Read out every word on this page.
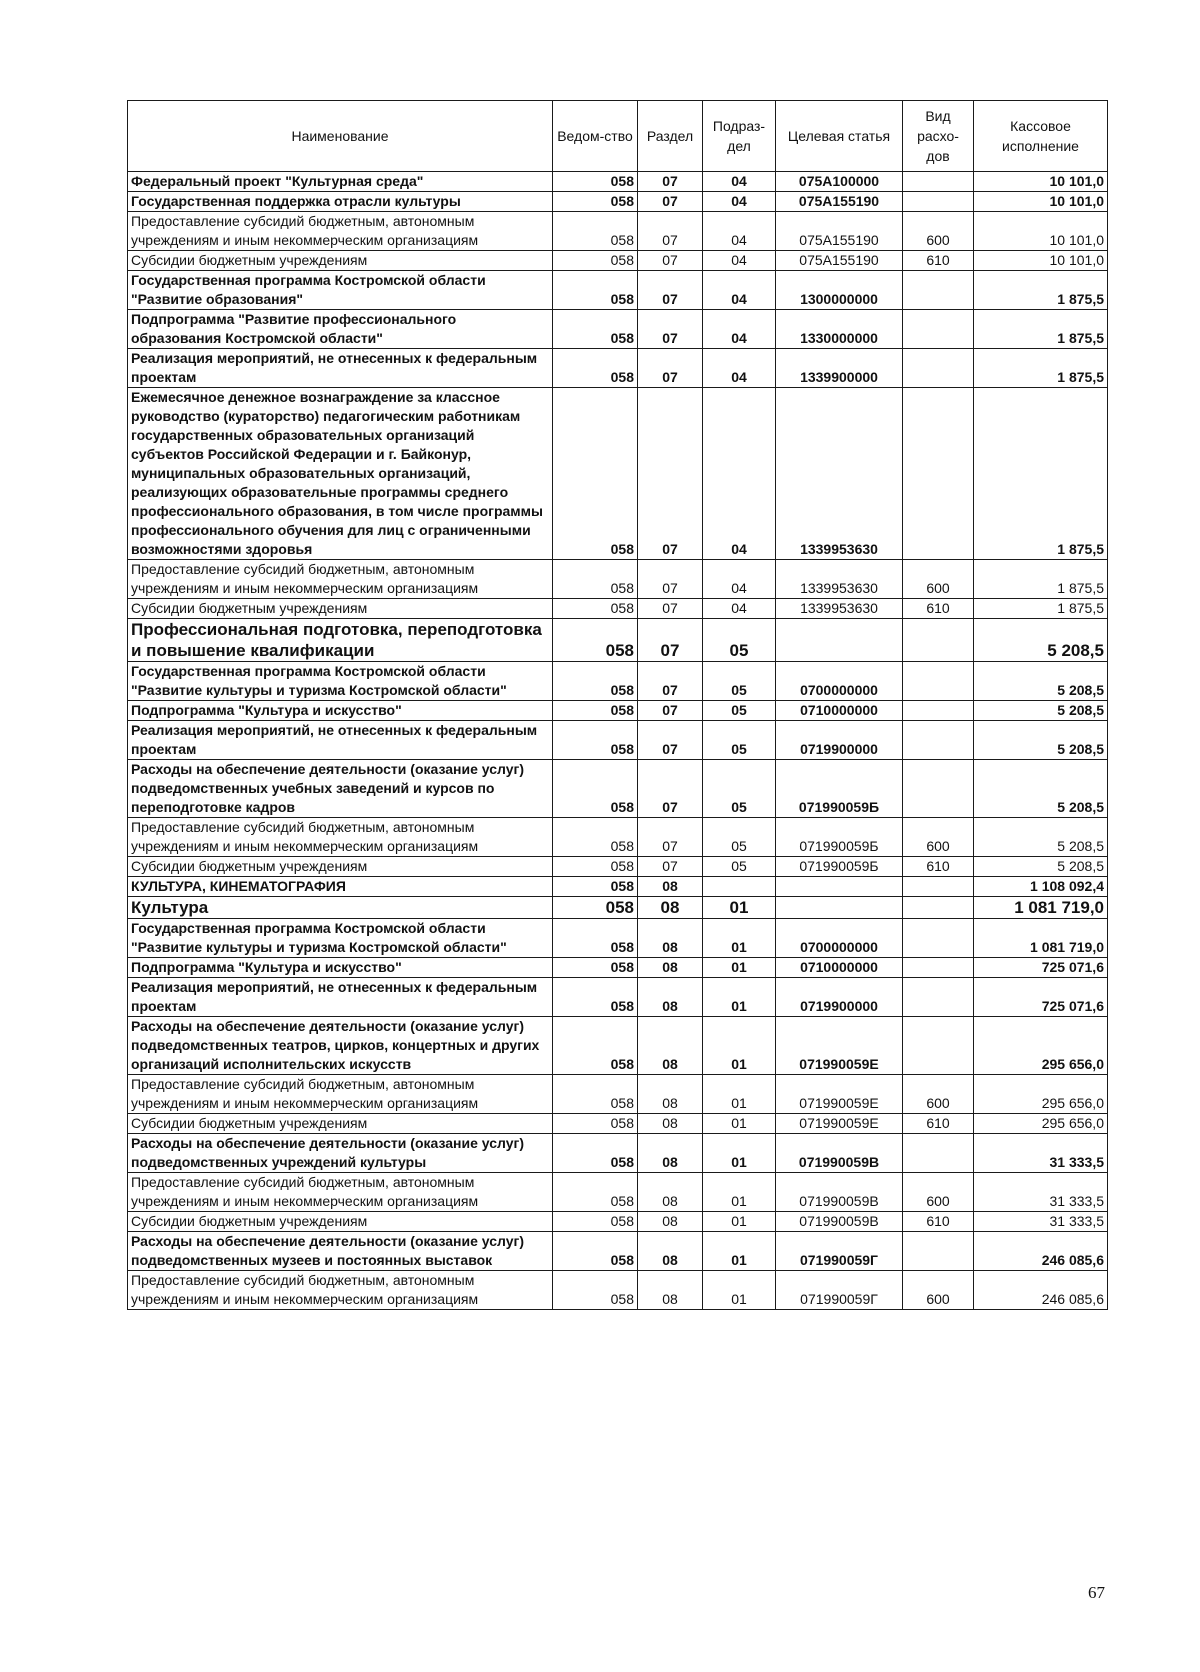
Наименование	Ведом-ство	Раздел	Подраз-дел	Целевая статья	Вид расхо-дов	Кассовое исполнение
Федеральный проект "Культурная среда"	058	07	04	075А100000		10 101,0
Государственная поддержка отрасли культуры	058	07	04	075А155190		10 101,0
Предоставление субсидий бюджетным, автономным учреждениям и иным некоммерческим организациям	058	07	04	075А155190	600	10 101,0
Субсидии бюджетным учреждениям	058	07	04	075А155190	610	10 101,0
Государственная программа Костромской области "Развитие образования"	058	07	04	1300000000		1 875,5
Подпрограмма "Развитие профессионального образования Костромской области"	058	07	04	1330000000		1 875,5
Реализация мероприятий, не отнесенных к федеральным проектам	058	07	04	1339900000		1 875,5
Ежемесячное денежное вознаграждение за классное руководство (кураторство) педагогическим работникам государственных образовательных организаций субъектов Российской Федерации и г. Байконур, муниципальных образовательных организаций, реализующих образовательные программы среднего профессионального образования, в том числе программы профессионального обучения для лиц с ограниченными возможностями здоровья	058	07	04	1339953630		1 875,5
Предоставление субсидий бюджетным, автономным учреждениям и иным некоммерческим организациям	058	07	04	1339953630	600	1 875,5
Субсидии бюджетным учреждениям	058	07	04	1339953630	610	1 875,5
Профессиональная подготовка, переподготовка и повышение квалификации	058	07	05			5 208,5
Государственная программа Костромской области "Развитие культуры и туризма Костромской области"	058	07	05	0700000000		5 208,5
Подпрограмма "Культура и искусство"	058	07	05	0710000000		5 208,5
Реализация мероприятий, не отнесенных к федеральным проектам	058	07	05	0719900000		5 208,5
Расходы на обеспечение деятельности (оказание услуг) подведомственных учебных заведений и курсов по переподготовке кадров	058	07	05	071990059Б		5 208,5
Предоставление субсидий бюджетным, автономным учреждениям и иным некоммерческим организациям	058	07	05	071990059Б	600	5 208,5
Субсидии бюджетным учреждениям	058	07	05	071990059Б	610	5 208,5
КУЛЬТУРА, КИНЕМАТОГРАФИЯ	058	08				1 108 092,4
Культура	058	08	01			1 081 719,0
Государственная программа Костромской области "Развитие культуры и туризма Костромской области"	058	08	01	0700000000		1 081 719,0
Подпрограмма "Культура и искусство"	058	08	01	0710000000		725 071,6
Реализация мероприятий, не отнесенных к федеральным проектам	058	08	01	0719900000		725 071,6
Расходы на обеспечение деятельности (оказание услуг) подведомственных театров, цирков, концертных и других организаций исполнительских искусств	058	08	01	071990059Е		295 656,0
Предоставление субсидий бюджетным, автономным учреждениям и иным некоммерческим организациям	058	08	01	071990059Е	600	295 656,0
Субсидии бюджетным учреждениям	058	08	01	071990059Е	610	295 656,0
Расходы на обеспечение деятельности (оказание услуг) подведомственных учреждений культуры	058	08	01	071990059В		31 333,5
Предоставление субсидий бюджетным, автономным учреждениям и иным некоммерческим организациям	058	08	01	071990059В	600	31 333,5
Субсидии бюджетным учреждениям	058	08	01	071990059В	610	31 333,5
Расходы на обеспечение деятельности (оказание услуг) подведомственных музеев и постоянных выставок	058	08	01	071990059Г		246 085,6
Предоставление субсидий бюджетным, автономным учреждениям и иным некоммерческим организациям	058	08	01	071990059Г	600	246 085,6
67
